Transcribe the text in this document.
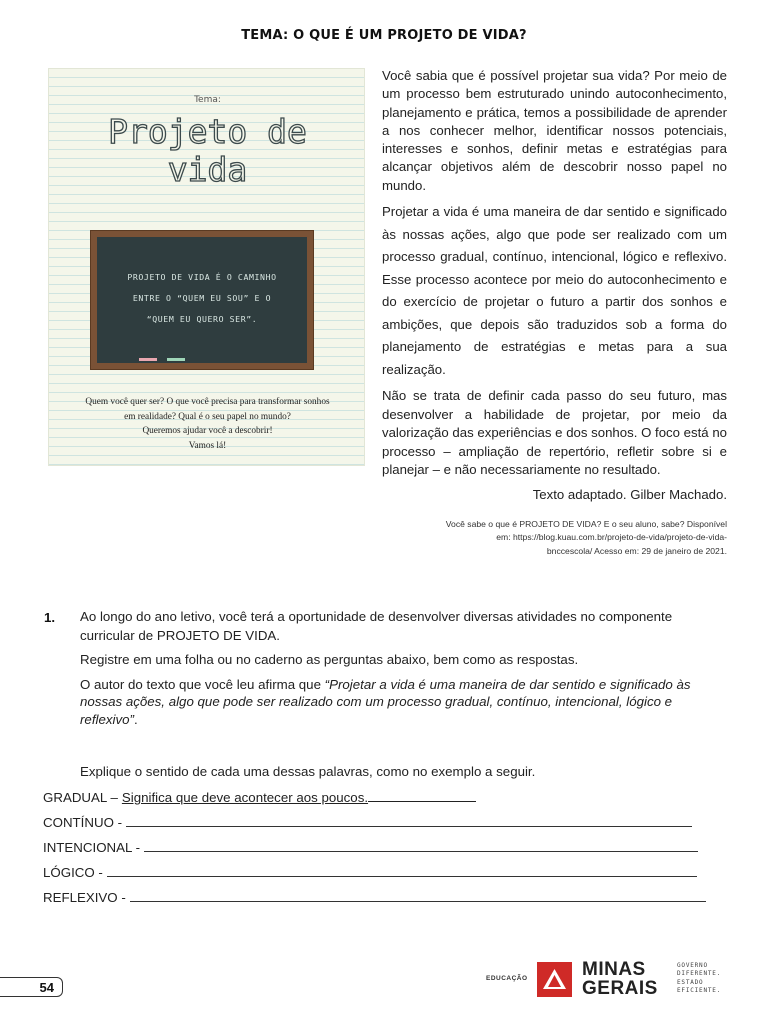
TEMA: O QUE É UM PROJETO DE VIDA?
Tema:
Projeto de
vida
PROJETO DE VIDA É O CAMINHO
ENTRE O “QUEM EU SOU” E O
“QUEM EU QUERO SER”.
Quem você quer ser? O que você precisa para transformar sonhos
em realidade? Qual é o seu papel no mundo?
Queremos ajudar você a descobrir!
Vamos lá!

Você sabia que é possível projetar sua vida? Por meio de um processo bem estruturado unindo autoconhecimento, planejamento e prática, temos a possibilidade de aprender a nos conhecer melhor, identificar nossos potenciais, interesses e sonhos, definir metas e estratégias para alcançar objetivos além de descobrir nosso papel no mundo.

Projetar a vida é uma maneira de dar sentido e significado às nossas ações, algo que pode ser realizado com um processo gradual, contínuo, intencional, lógico e reflexivo. Esse processo acontece por meio do autoconhecimento e do exercício de projetar o futuro a partir dos sonhos e ambições, que depois são traduzidos sob a forma do planejamento de estratégias e metas para a sua realização.

Não se trata de definir cada passo do seu futuro, mas desenvolver a habilidade de projetar, por meio da valorização das experiências e dos sonhos. O foco está no processo – ampliação de repertório, refletir sobre si e planejar – e não necessariamente no resultado.

Texto adaptado. Gilber Machado.
Você sabe o que é PROJETO DE VIDA? E o seu aluno, sabe? Disponível
em: https://blog.kuau.com.br/projeto-de-vida/projeto-de-vida-
bnccescola/ Acesso em: 29 de janeiro de 2021.
1. Ao longo do ano letivo, você terá a oportunidade de desenvolver diversas atividades no componente curricular de PROJETO DE VIDA.

Registre em uma folha ou no caderno as perguntas abaixo, bem como as respostas.

O autor do texto que você leu afirma que “Projetar a vida é uma maneira de dar sentido e significado às nossas ações, algo que pode ser realizado com um processo gradual, contínuo, intencional, lógico e reflexivo”.

Explique o sentido de cada uma dessas palavras, como no exemplo a seguir.
GRADUAL – Significa que deve acontecer aos poucos.
CONTÍNUO -
INTENCIONAL -
LÓGICO -
REFLEXIVO -
54
EDUCAÇÃO	MINAS
GERAIS
GOVERNO
DIFERENTE.
ESTADO
EFICIENTE.
